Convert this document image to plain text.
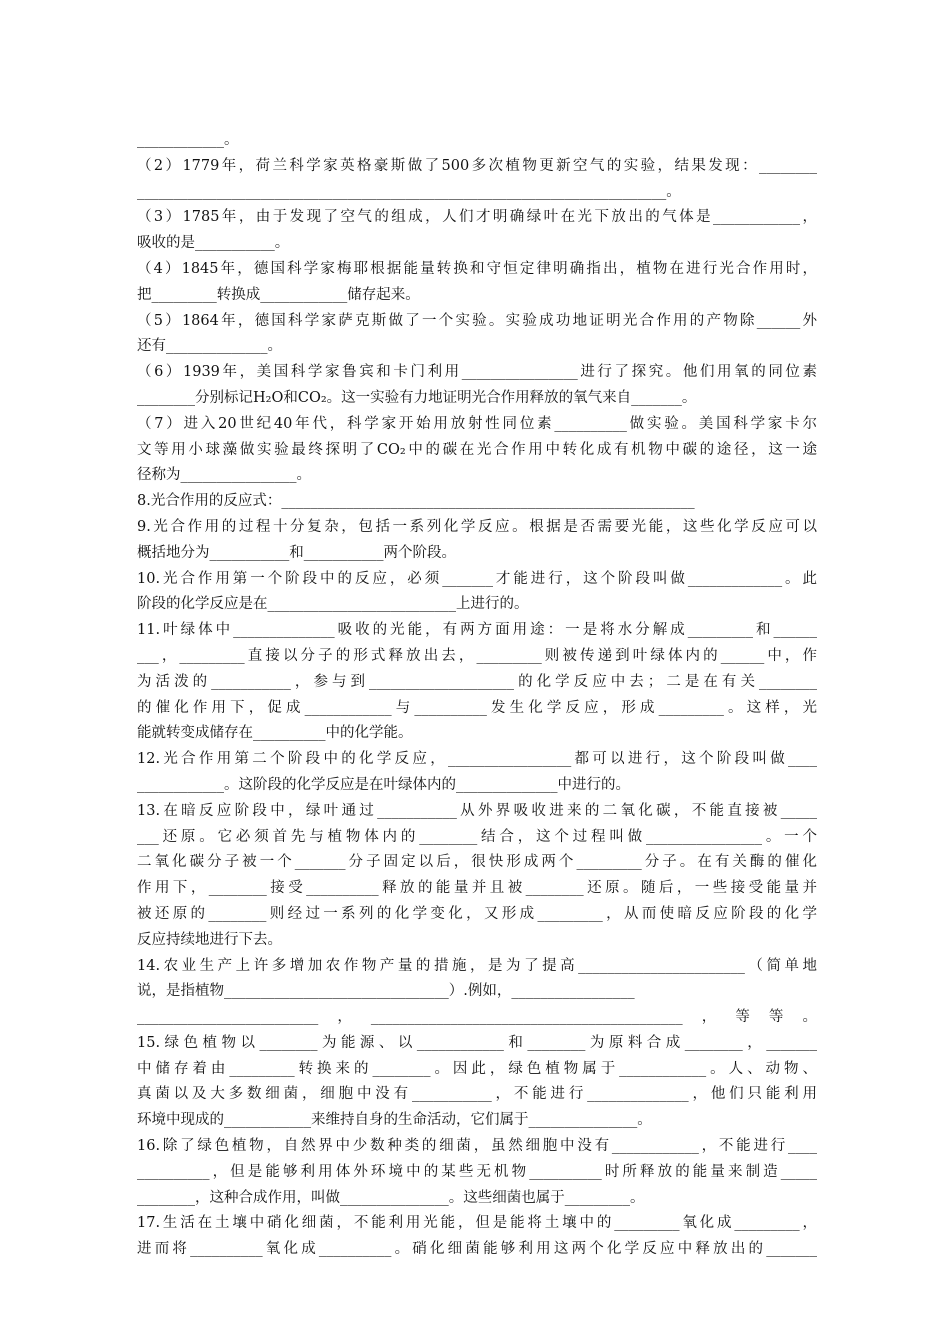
____________。
（2）1779年，荷兰科学家英格豪斯做了500多次植物更新空气的实验，结果发现：________
_________________________________________________________________________。
（3）1785年，由于发现了空气的组成，人们才明确绿叶在光下放出的气体是____________，
吸收的是___________。
（4）1845年，德国科学家梅耶根据能量转换和守恒定律明确指出，植物在进行光合作用时，
把_________转换成____________储存起来。
（5）1864年，德国科学家萨克斯做了一个实验。实验成功地证明光合作用的产物除______外
还有______________。
（6）1939年，美国科学家鲁宾和卡门利用________________进行了探究。他们用氧的同位素
________分别标记H₂O和CO₂。这一实验有力地证明光合作用释放的氧气来自_______。
（7）进入20世纪40年代，科学家开始用放射性同位素__________做实验。美国科学家卡尔
文等用小球藻做实验最终探明了CO₂中的碳在光合作用中转化成有机物中碳的途径，这一途
径称为________________。
8.光合作用的反应式：_________________________________________________________
9.光合作用的过程十分复杂，包括一系列化学反应。根据是否需要光能，这些化学反应可以
概括地分为___________和___________两个阶段。
10.光合作用第一个阶段中的反应，必须_______才能进行，这个阶段叫做_____________。此
阶段的化学反应是在__________________________上进行的。
11.叶绿体中______________吸收的光能，有两方面用途：一是将水分解成_________和______
___，_________直接以分子的形式释放出去，_________则被传递到叶绿体内的______中，作
为活泼的___________，参与到____________________的化学反应中去；二是在有关________
的催化作用下，促成____________与__________发生化学反应，形成_________。这样，光
能就转变成储存在__________中的化学能。
12.光合作用第二个阶段中的化学反应，_________________都可以进行，这个阶段叫做____
____________。这阶段的化学反应是在叶绿体内的______________中进行的。
13.在暗反应阶段中，绿叶通过___________从外界吸收进来的二氧化碳，不能直接被_____
___还原。它必须首先与植物体内的________结合，这个过程叫做________________。一个
二氧化碳分子被一个_______分子固定以后，很快形成两个_________分子。在有关酶的催化
作用下，________接受__________释放的能量并且被________还原。随后，一些接受能量并
被还原的________则经过一系列的化学变化，又形成_________，从而使暗反应阶段的化学
反应持续地进行下去。
14.农业生产上许多增加农作物产量的措施，是为了提高_______________________（简单地
说，是指植物_______________________________）.例如，_________________
_________________________，___________________________________________，等等。
15.绿色植物以________为能源、以____________和________为原料合成________，_______
中储存着由_________转换来的________。因此，绿色植物属于____________。人、动物、
真菌以及大多数细菌，细胞中没有___________，不能进行______________，他们只能利用
环境中现成的____________来维持自身的生命活动，它们属于_______________。
16.除了绿色植物，自然界中少数种类的细菌，虽然细胞中没有____________，不能进行____
__________，但是能够利用体外环境中的某些无机物__________时所释放的能量来制造_____
________，这种合成作用，叫做_______________。这些细菌也属于_________。
17.生活在土壤中硝化细菌，不能利用光能，但是能将土壤中的_________氧化成_________，
进而将__________氧化成__________。硝化细菌能够利用这两个化学反应中释放出的_______
